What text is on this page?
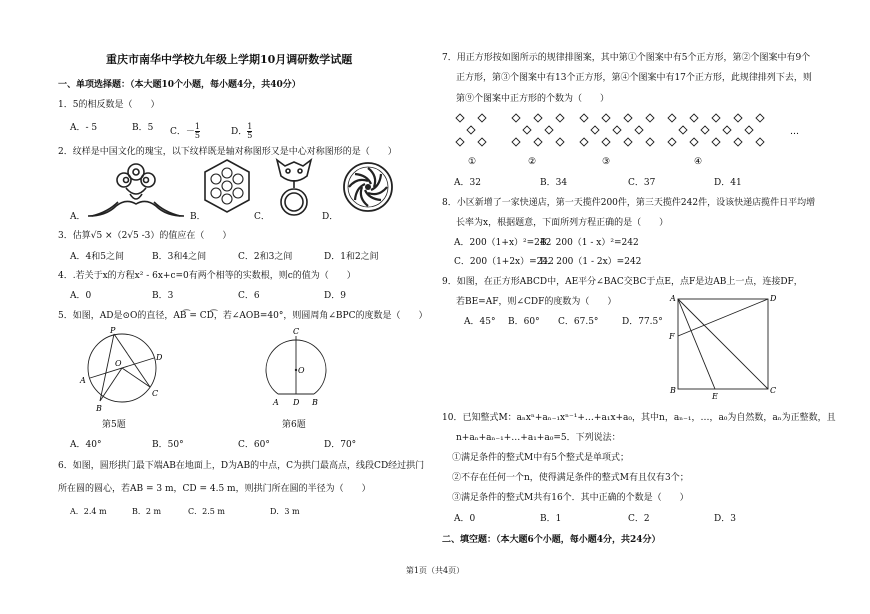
重庆市南华中学校九年级上学期10月调研数学试题
一、单项选择题：（本大题10个小题，每小题4分，共40分）
1．5的相反数是（　　）
A．- 5	B．5 C．－ $\frac{1}{5}$	D． $\frac{1}{5}$
2．纹样是中国文化的瑰宝，以下纹样既是轴对称图形又是中心对称图形的是（　　）
A．	B．	C．	D．
3．估算√5 ×（2√5 -3）的值应在（　　）
A．4和5之间	B．3和4之间	C．2和3之间	D．1和2之间
4．.若关于x的方程x² - 6x+c=0有两个相等的实数根，则c的值为（　　）
A．0	B．3	C．6	D．9
5．如图，AD是⊙O的直径，AB͡ = CD͡，若∠AOB=40°，则圆周角∠BPC的度数是（　　）
P
D
O
A
C
B
第5题
C
O
A D B
第6题
A．40°	B．50°	C．60°	D．70°
6．如图，圆形拱门最下端AB在地面上，D为AB的中点，C为拱门最高点，线段CD经过拱门
所在圆的圆心，若AB = 3 m，CD = 4.5 m，则拱门所在圆的半径为（　　）
A．2.4 m	B．2 m	C．2.5 m	D．3 m
7．用正方形按如图所示的规律排图案，其中第①个图案中有5个正方形，第②个图案中有9个
正方形，第③个图案中有13个正方形，第④个图案中有17个正方形，此规律排列下去，则
第⑨个图案中正方形的个数为（　　）
①	②	③	④
…
A．32	B．34	C．37	D．41
8．小区新增了一家快递店，第一天揽件200件，第三天揽件242件，设该快递店揽件日平均增
长率为x，根据题意，下面所列方程正确的是（　　）
A．200（1+x）²=242
B．200（1 - x）²=242
C．200（1+2x）=242
D．200（1 - 2x）=242
9．如图，在正方形ABCD中，AE平分∠BAC交BC于点E，点F是边AB上一点，连接DF，
若BE=AF，则∠CDF的度数为（　　）
A．45° B．60° C．67.5°	D．77.5°
A	D
F
B
E
C
10．已知整式M：aₙxⁿ+aₙ₋₁xⁿ⁻¹+…+a₁x+a₀，其中n，aₙ₋₁，…，a₀为自然数，aₙ为正整数，且
n+aₙ+aₙ₋₁+…+a₁+a₀=5．下列说法：
①满足条件的整式M中有5个整式是单项式；
②不存在任何一个n，使得满足条件的整式M有且仅有3个；
③满足条件的整式M共有16个．其中正确的个数是（　　）
A．0	B．1	C．2	D．3
二、填空题：（本大题6个小题，每小题4分，共24分）
第1页（共4页）
